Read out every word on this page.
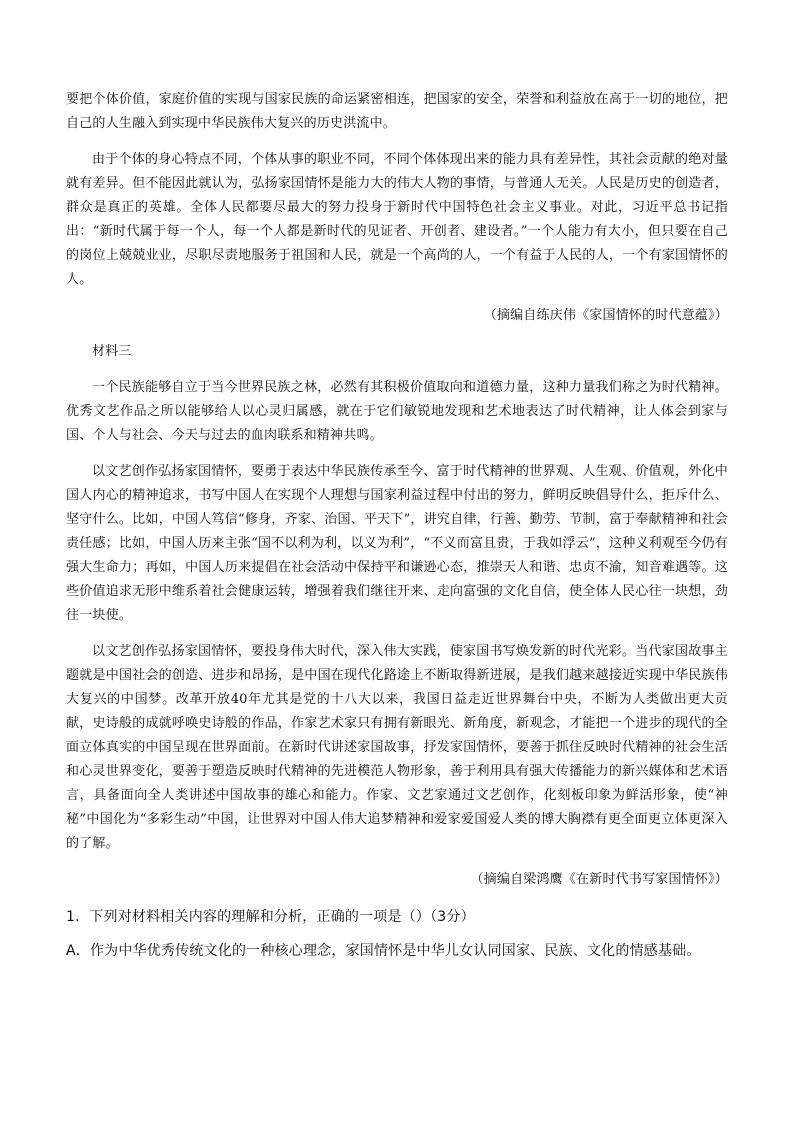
要把个体价值，家庭价值的实现与国家民族的命运紧密相连，把国家的安全，荣誉和利益放在高于一切的地位，把自己的人生融入到实现中华民族伟大复兴的历史洪流中。

由于个体的身心特点不同，个体从事的职业不同，不同个体体现出来的能力具有差异性，其社会贡献的绝对量就有差异。但不能因此就认为，弘扬家国情怀是能力大的伟大人物的事情，与普通人无关。人民是历史的创造者，群众是真正的英雄。全体人民都要尽最大的努力投身于新时代中国特色社会主义事业。对此，习近平总书记指出：“新时代属于每一个人，每一个人都是新时代的见证者、开创者、建设者。”一个人能力有大小，但只要在自己的岗位上兢兢业业，尽职尽责地服务于祖国和人民，就是一个高尚的人，一个有益于人民的人，一个有家国情怀的人。

（摘编自练庆伟《家国情怀的时代意蕴》）

材料三

一个民族能够自立于当今世界民族之林，必然有其积极价值取向和道德力量，这种力量我们称之为时代精神。优秀文艺作品之所以能够给人以心灵归属感，就在于它们敏锐地发现和艺术地表达了时代精神，让人体会到家与国、个人与社会、今天与过去的血肉联系和精神共鸣。

以文艺创作弘扬家国情怀，要勇于表达中华民族传承至今、富于时代精神的世界观、人生观、价值观，外化中国人内心的精神追求，书写中国人在实现个人理想与国家利益过程中付出的努力，鲜明反映倡导什么，拒斥什么、坚守什么。比如，中国人笃信“修身，齐家、治国、平天下”，讲究自律，行善、勤劳、节制，富于奉献精神和社会责任感；比如，中国人历来主张“国不以利为利，以义为利”，“不义而富且贵，于我如浮云”，这种义利观至今仍有强大生命力；再如，中国人历来提倡在社会活动中保持平和谦逊心态，推崇天人和谐、忠贞不渝，知音难遇等。这些价值追求无形中维系着社会健康运转，增强着我们继往开来、走向富强的文化自信，使全体人民心往一块想，劲往一块使。

以文艺创作弘扬家国情怀，要投身伟大时代，深入伟大实践，使家国书写焕发新的时代光彩。当代家国故事主题就是中国社会的创造、进步和昂扬，是中国在现代化路途上不断取得新进展，是我们越来越接近实现中华民族伟大复兴的中国梦。改革开放40年尤其是党的十八大以来，我国日益走近世界舞台中央，不断为人类做出更大贡献，史诗般的成就呼唤史诗般的作品，作家艺术家只有拥有新眼光、新角度，新观念，才能把一个进步的现代的全面立体真实的中国呈现在世界面前。在新时代讲述家国故事，抒发家国情怀，要善于抓住反映时代精神的社会生活和心灵世界变化，要善于塑造反映时代精神的先进模范人物形象，善于利用具有强大传播能力的新兴媒体和艺术语言，具备面向全人类讲述中国故事的雄心和能力。作家、文艺家通过文艺创作，化刻板印象为鲜活形象，使“神秘”中国化为“多彩生动”中国，让世界对中国人伟大追梦精神和爱家爱国爱人类的博大胸襟有更全面更立体更深入的了解。

（摘编自梁鸿鹰《在新时代书写家国情怀》）

1．下列对材料相关内容的理解和分析，正确的一项是（）（3分）

A．作为中华优秀传统文化的一种核心理念，家国情怀是中华儿女认同国家、民族、文化的情感基础。
